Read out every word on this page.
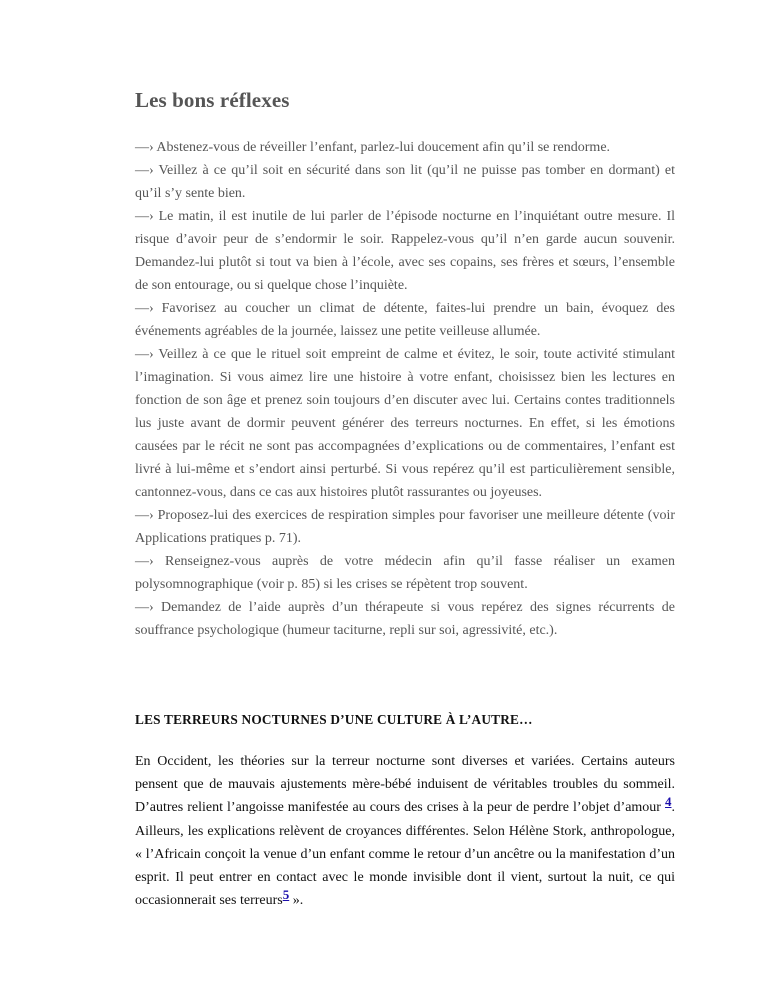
Les bons réflexes

—› Abstenez-vous de réveiller l’enfant, parlez-lui doucement afin qu’il se rendorme.

—› Veillez à ce qu’il soit en sécurité dans son lit (qu’il ne puisse pas tomber en dormant) et qu’il s’y sente bien.

—› Le matin, il est inutile de lui parler de l’épisode nocturne en l’inquiétant outre mesure. Il risque d’avoir peur de s’endormir le soir. Rappelez-vous qu’il n’en garde aucun souvenir. Demandez-lui plutôt si tout va bien à l’école, avec ses copains, ses frères et sœurs, l’ensemble de son entourage, ou si quelque chose l’inquiète.

—› Favorisez au coucher un climat de détente, faites-lui prendre un bain, évoquez des événements agréables de la journée, laissez une petite veilleuse allumée.

—› Veillez à ce que le rituel soit empreint de calme et évitez, le soir, toute activité stimulant l’imagination. Si vous aimez lire une histoire à votre enfant, choisissez bien les lectures en fonction de son âge et prenez soin toujours d’en discuter avec lui. Certains contes traditionnels lus juste avant de dormir peuvent générer des terreurs nocturnes. En effet, si les émotions causées par le récit ne sont pas accompagnées d’explications ou de commentaires, l’enfant est livré à lui-même et s’endort ainsi perturbé. Si vous repérez qu’il est particulièrement sensible, cantonnez-vous, dans ce cas aux histoires plutôt rassurantes ou joyeuses.

—› Proposez-lui des exercices de respiration simples pour favoriser une meilleure détente (voir Applications pratiques p. 71).

—› Renseignez-vous auprès de votre médecin afin qu’il fasse réaliser un examen polysomnographique (voir p. 85) si les crises se répètent trop souvent.

—› Demandez de l’aide auprès d’un thérapeute si vous repérez des signes récurrents de souffrance psychologique (humeur taciturne, repli sur soi, agressivité, etc.).

LES TERREURS NOCTURNES D’UNE CULTURE À L’AUTRE…

En Occident, les théories sur la terreur nocturne sont diverses et variées. Certains auteurs pensent que de mauvais ajustements mère-bébé induisent de véritables troubles du sommeil. D’autres relient l’angoisse manifestée au cours des crises à la peur de perdre l’objet d’amour 4. Ailleurs, les explications relèvent de croyances différentes. Selon Hélène Stork, anthropologue, « l’Africain conçoit la venue d’un enfant comme le retour d’un ancêtre ou la manifestation d’un esprit. Il peut entrer en contact avec le monde invisible dont il vient, surtout la nuit, ce qui occasionnerait ses terreurs5 ».
